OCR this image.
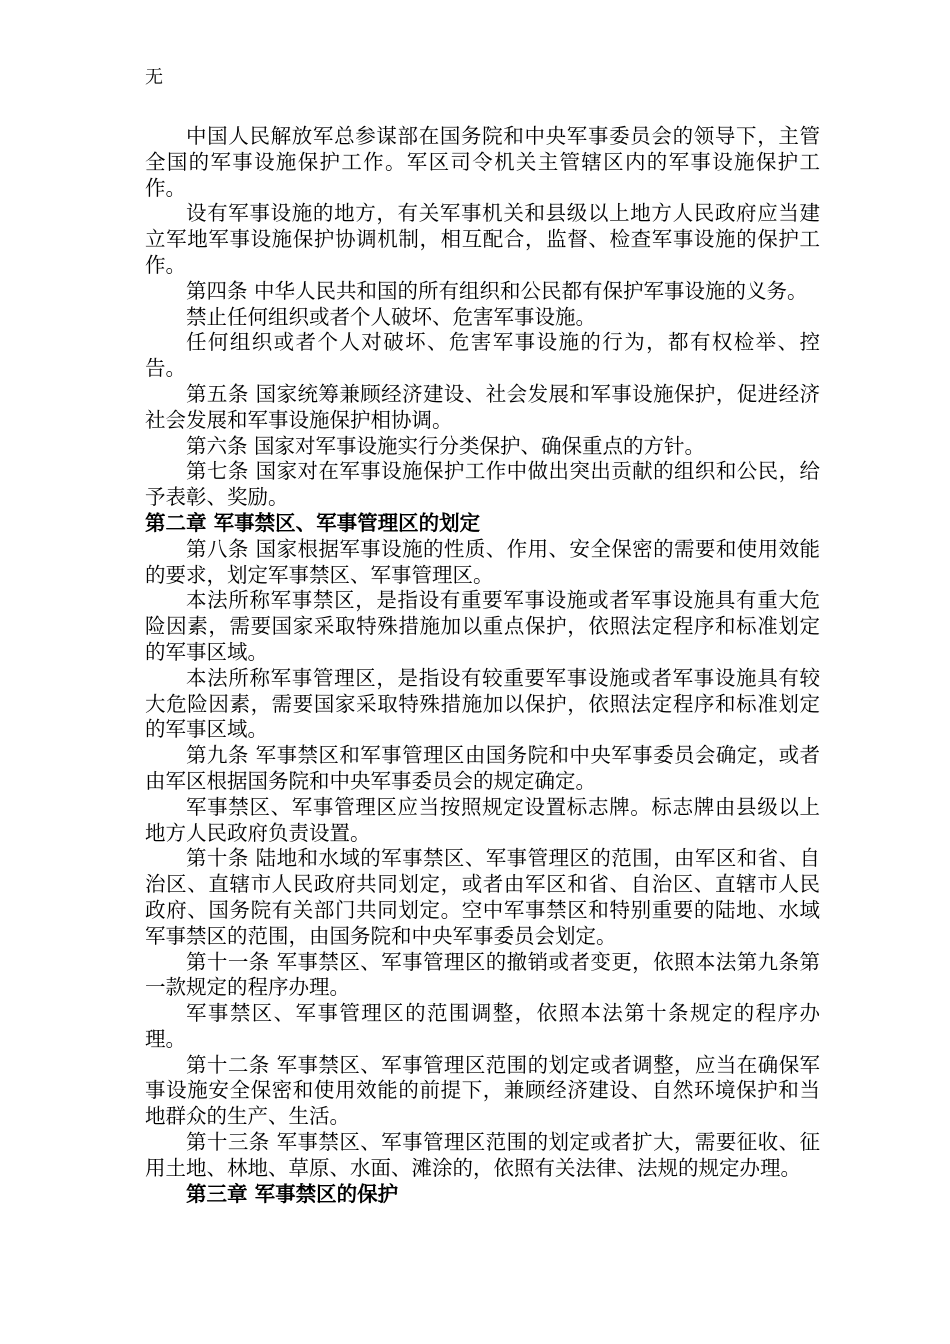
无

中国人民解放军总参谋部在国务院和中央军事委员会的领导下，主管全国的军事设施保护工作。军区司令机关主管辖区内的军事设施保护工作。

设有军事设施的地方，有关军事机关和县级以上地方人民政府应当建立军地军事设施保护协调机制，相互配合，监督、检查军事设施的保护工作。

第四条 中华人民共和国的所有组织和公民都有保护军事设施的义务。

禁止任何组织或者个人破坏、危害军事设施。

任何组织或者个人对破坏、危害军事设施的行为，都有权检举、控告。

第五条 国家统筹兼顾经济建设、社会发展和军事设施保护，促进经济社会发展和军事设施保护相协调。

第六条 国家对军事设施实行分类保护、确保重点的方针。

第七条 国家对在军事设施保护工作中做出突出贡献的组织和公民，给予表彰、奖励。

第二章 军事禁区、军事管理区的划定

第八条 国家根据军事设施的性质、作用、安全保密的需要和使用效能的要求，划定军事禁区、军事管理区。

本法所称军事禁区，是指设有重要军事设施或者军事设施具有重大危险因素，需要国家采取特殊措施加以重点保护，依照法定程序和标准划定的军事区域。

本法所称军事管理区，是指设有较重要军事设施或者军事设施具有较大危险因素，需要国家采取特殊措施加以保护，依照法定程序和标准划定的军事区域。

第九条 军事禁区和军事管理区由国务院和中央军事委员会确定，或者由军区根据国务院和中央军事委员会的规定确定。

军事禁区、军事管理区应当按照规定设置标志牌。标志牌由县级以上地方人民政府负责设置。

第十条 陆地和水域的军事禁区、军事管理区的范围，由军区和省、自治区、直辖市人民政府共同划定，或者由军区和省、自治区、直辖市人民政府、国务院有关部门共同划定。空中军事禁区和特别重要的陆地、水域军事禁区的范围，由国务院和中央军事委员会划定。

第十一条 军事禁区、军事管理区的撤销或者变更，依照本法第九条第一款规定的程序办理。

军事禁区、军事管理区的范围调整，依照本法第十条规定的程序办理。

第十二条 军事禁区、军事管理区范围的划定或者调整，应当在确保军事设施安全保密和使用效能的前提下，兼顾经济建设、自然环境保护和当地群众的生产、生活。

第十三条 军事禁区、军事管理区范围的划定或者扩大，需要征收、征用土地、林地、草原、水面、滩涂的，依照有关法律、法规的规定办理。

第三章 军事禁区的保护
